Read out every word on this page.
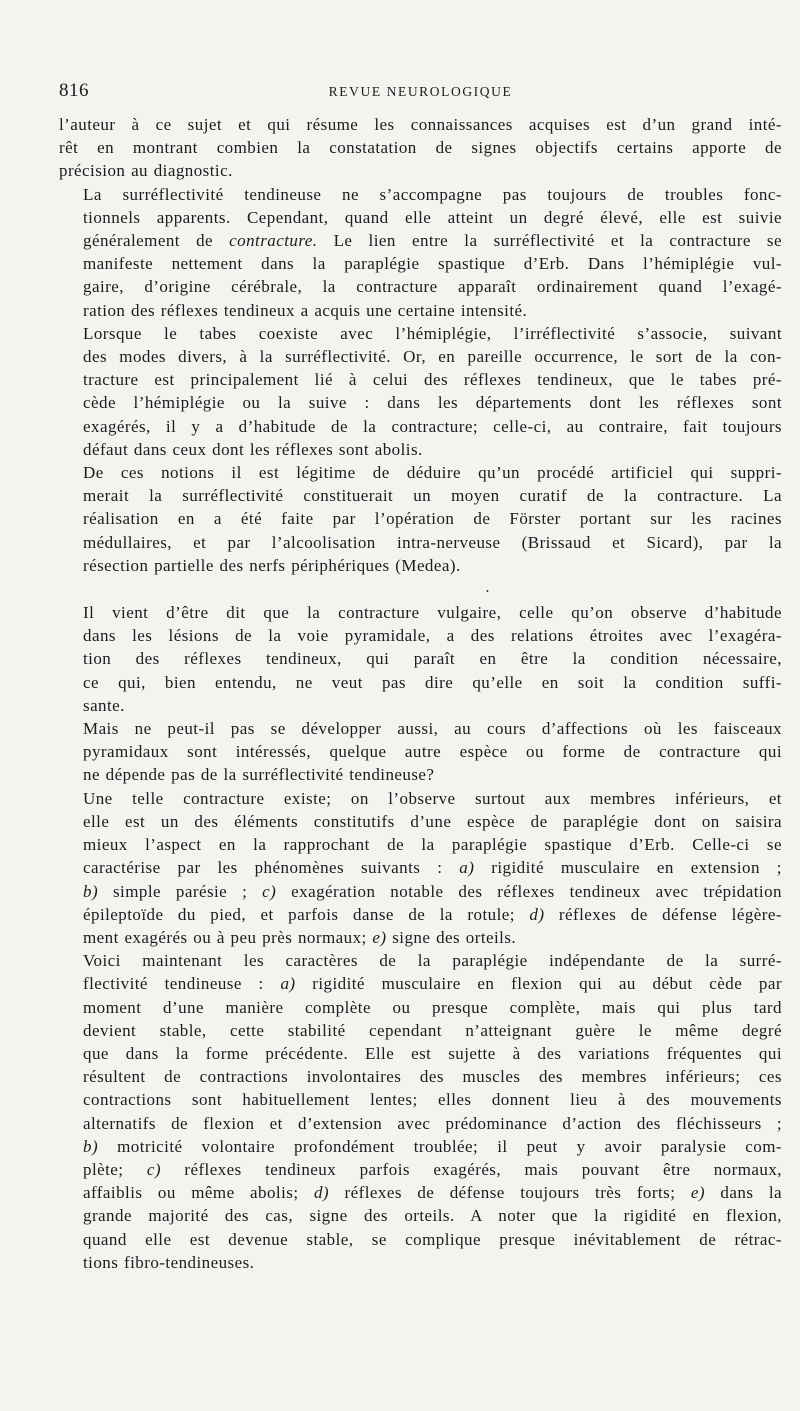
816	REVUE NEUROLOGIQUE

l’auteur à ce sujet et qui résume les connaissances acquises est d’un grand inté-
rêt en montrant combien la constatation de signes objectifs certains apporte de
précision au diagnostic.

La surréflectivité tendineuse ne s’accompagne pas toujours de troubles fonc-
tionnels apparents. Cependant, quand elle atteint un degré élevé, elle est suivie
généralement de contracture. Le lien entre la surréflectivité et la contracture se
manifeste nettement dans la paraplégie spastique d’Erb. Dans l’hémiplégie vul-
gaire, d’origine cérébrale, la contracture apparaît ordinairement quand l’exagé-
ration des réflexes tendineux a acquis une certaine intensité.

Lorsque le tabes coexiste avec l’hémiplégie, l’irréflectivité s’associe, suivant
des modes divers, à la surréflectivité. Or, en pareille occurrence, le sort de la con-
tracture est principalement lié à celui des réflexes tendineux, que le tabes pré-
cède l’hémiplégie ou la suive : dans les départements dont les réflexes sont
exagérés, il y a d’habitude de la contracture; celle-ci, au contraire, fait toujours
défaut dans ceux dont les réflexes sont abolis.

De ces notions il est légitime de déduire qu’un procédé artificiel qui suppri-
merait la surréflectivité constituerait un moyen curatif de la contracture. La
réalisation en a été faite par l’opération de Förster portant sur les racines
médullaires, et par l’alcoolisation intra-nerveuse (Brissaud et Sicard), par la
résection partielle des nerfs périphériques (Medea).

•

Il vient d’être dit que la contracture vulgaire, celle qu’on observe d’habitude
dans les lésions de la voie pyramidale, a des relations étroites avec l’exagéra-
tion des réflexes tendineux, qui paraît en être la condition nécessaire,
ce qui, bien entendu, ne veut pas dire qu’elle en soit la condition suffi-
sante.

Mais ne peut-il pas se développer aussi, au cours d’affections où les faisceaux
pyramidaux sont intéressés, quelque autre espèce ou forme de contracture qui
ne dépende pas de la surréflectivité tendineuse?

Une telle contracture existe; on l’observe surtout aux membres inférieurs, et
elle est un des éléments constitutifs d’une espèce de paraplégie dont on saisira
mieux l’aspect en la rapprochant de la paraplégie spastique d’Erb. Celle-ci se
caractérise par les phénomènes suivants : a) rigidité musculaire en extension ;
b) simple parésie ; c) exagération notable des réflexes tendineux avec trépidation
épileptoïde du pied, et parfois danse de la rotule; d) réflexes de défense légère-
ment exagérés ou à peu près normaux; e) signe des orteils.

Voici maintenant les caractères de la paraplégie indépendante de la surré-
flectivité tendineuse : a) rigidité musculaire en flexion qui au début cède par
moment d’une manière complète ou presque complète, mais qui plus tard
devient stable, cette stabilité cependant n’atteignant guère le même degré
que dans la forme précédente. Elle est sujette à des variations fréquentes qui
résultent de contractions involontaires des muscles des membres inférieurs; ces
contractions sont habituellement lentes; elles donnent lieu à des mouvements
alternatifs de flexion et d’extension avec prédominance d’action des fléchisseurs ;
b) motricité volontaire profondément troublée; il peut y avoir paralysie com-
plète; c) réflexes tendineux parfois exagérés, mais pouvant être normaux,
affaiblis ou même abolis; d) réflexes de défense toujours très forts; e) dans la
grande majorité des cas, signe des orteils. A noter que la rigidité en flexion,
quand elle est devenue stable, se complique presque inévitablement de rétrac-
tions fibro-tendineuses.
